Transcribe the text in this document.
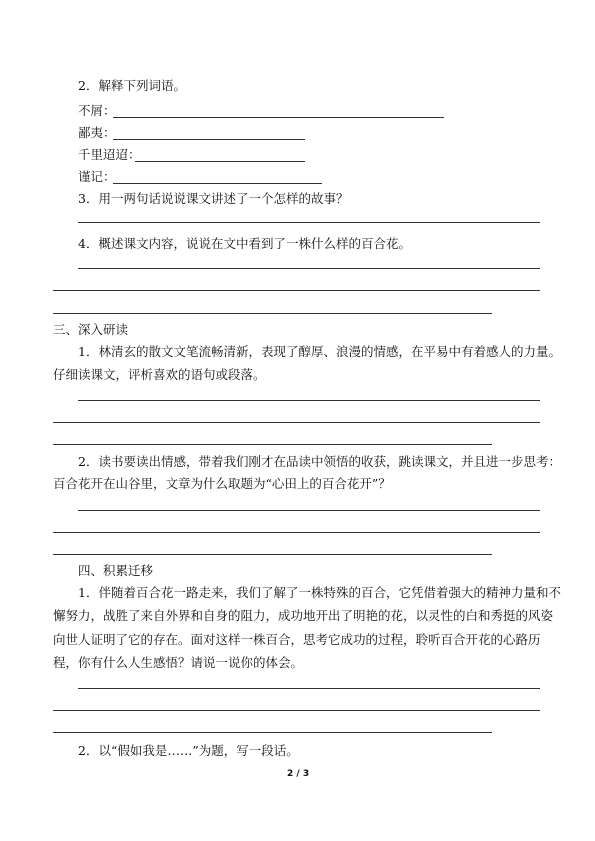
2．解释下列词语。
不屑：
鄙夷：
千里迢迢：
谨记：
3．用一两句话说说课文讲述了一个怎样的故事？
4．概述课文内容，说说在文中看到了一株什么样的百合花。
三、深入研读
1．林清玄的散文文笔流畅清新，表现了醇厚、浪漫的情感，在平易中有着感人的力量。
仔细读课文，评析喜欢的语句或段落。
2．读书要读出情感，带着我们刚才在品读中领悟的收获，跳读课文，并且进一步思考：
百合花开在山谷里，文章为什么取题为“心田上的百合花开”？
四、积累迁移
1．伴随着百合花一路走来，我们了解了一株特殊的百合，它凭借着强大的精神力量和不
懈努力，战胜了来自外界和自身的阻力，成功地开出了明艳的花，以灵性的白和秀挺的风姿
向世人证明了它的存在。面对这样一株百合，思考它成功的过程，聆听百合开花的心路历
程，你有什么人生感悟？请说一说你的体会。
2．以“假如我是……”为题，写一段话。
2 / 3
